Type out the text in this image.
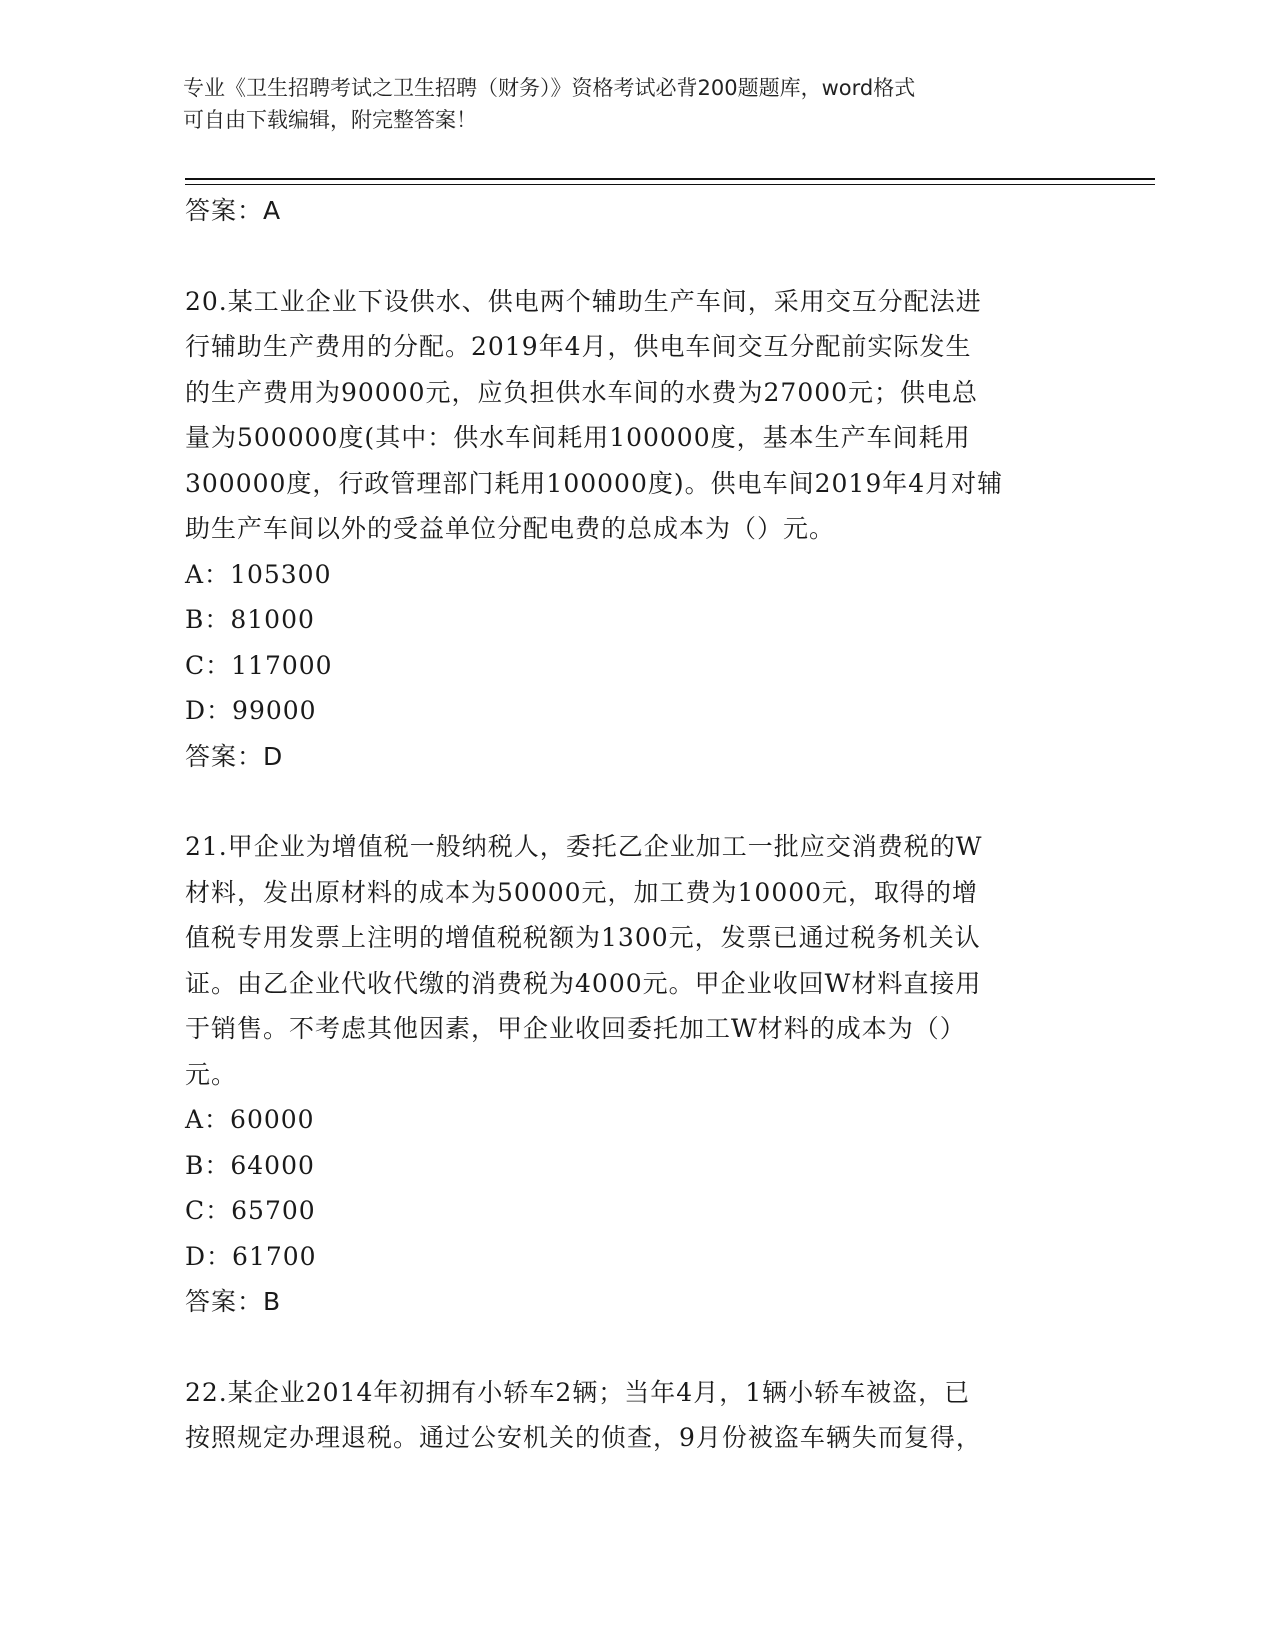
专业《卫生招聘考试之卫生招聘（财务）》资格考试必背200题题库，word格式
可自由下载编辑，附完整答案！
答案：A
20.某工业企业下设供水、供电两个辅助生产车间，采用交互分配法进
行辅助生产费用的分配。2019年4月，供电车间交互分配前实际发生
的生产费用为90000元，应负担供水车间的水费为27000元；供电总
量为500000度(其中：供水车间耗用100000度，基本生产车间耗用
300000度，行政管理部门耗用100000度)。供电车间2019年4月对辅
助生产车间以外的受益单位分配电费的总成本为（）元。
A：105300
B：81000
C：117000
D：99000
答案：D
21.甲企业为增值税一般纳税人，委托乙企业加工一批应交消费税的W
材料，发出原材料的成本为50000元，加工费为10000元，取得的增
值税专用发票上注明的增值税税额为1300元，发票已通过税务机关认
证。由乙企业代收代缴的消费税为4000元。甲企业收回W材料直接用
于销售。不考虑其他因素，甲企业收回委托加工W材料的成本为（）
元。
A：60000
B：64000
C：65700
D：61700
答案：B
22.某企业2014年初拥有小轿车2辆；当年4月，1辆小轿车被盗，已
按照规定办理退税。通过公安机关的侦查，9月份被盗车辆失而复得，
